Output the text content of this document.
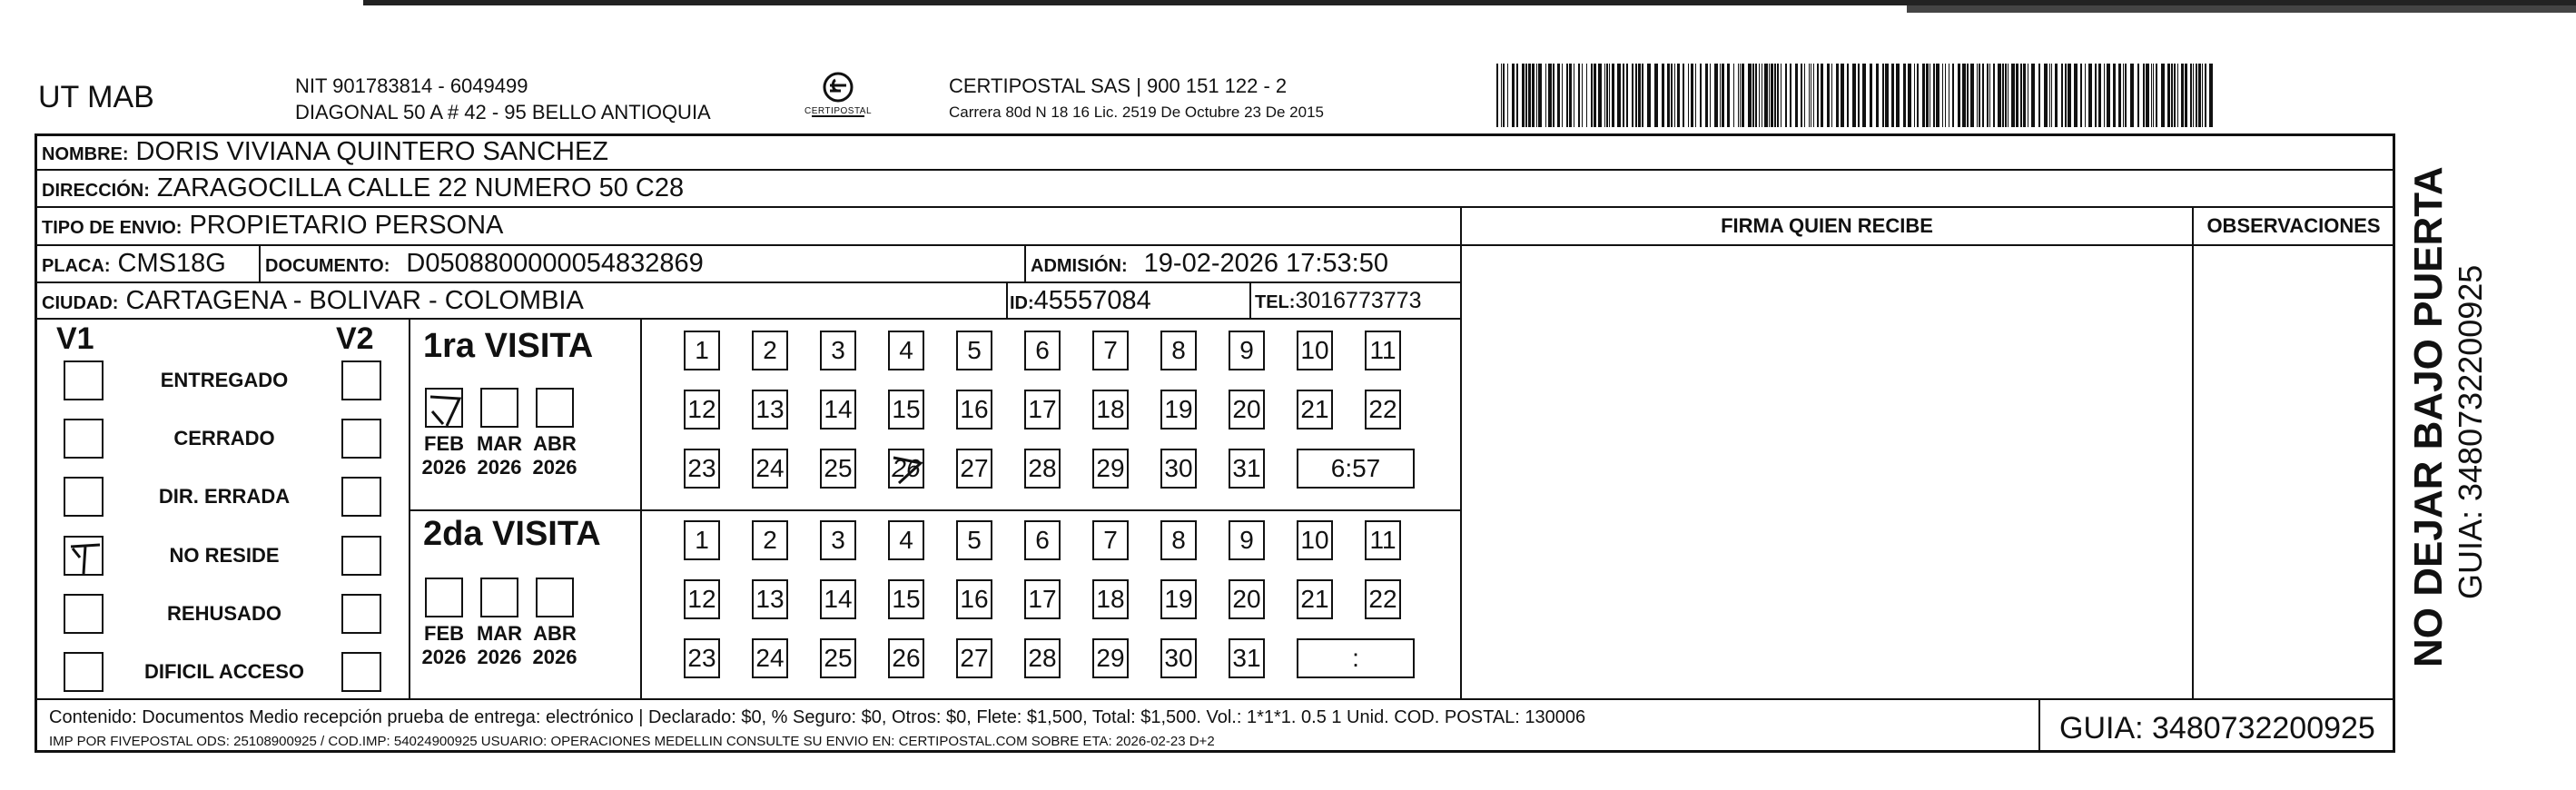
UT MAB	NIT 901783814 - 6049499
DIAGONAL 50 A # 42 - 95 BELLO ANTIOQUIA	CERTIPOSTAL
CERTIPOSTAL SAS | 900 151 122 - 2
Carrera 80d N 18 16 Lic. 2519 De Octubre 23 De 2015
NOMBRE: DORIS VIVIANA QUINTERO SANCHEZ
DIRECCIÓN: ZARAGOCILLA CALLE 22 NUMERO 50 C28
TIPO DE ENVIO: PROPIETARIO PERSONA
PLACA: CMS18G DOCUMENTO: D0508800000054832869	ADMISIÓN: 19-02-2026 17:53:50
CIUDAD: CARTAGENA - BOLIVAR - COLOMBIA	ID: 45557084	TEL: 3016773773
FIRMA QUIEN RECIBE	OBSERVACIONES
V1	V2
ENTREGADO
CERRADO
DIR. ERRADA
NO RESIDE
REHUSADO
DIFICIL ACCESO
1ra VISITA
2da VISITA
FEB
2026
MAR
2026
ABR
2026
1	2	3	4	5	6	7	8	9	10 11
12 13 14 15 16 17 18 19 20 21 22
23 24 25 26 27 28 29 30 31	6:57
FEB
2026
MAR
2026
ABR
2026
1	2	3	4	5	6	7	8	9	10 11
12 13 14 15 16 17 18 19 20 21 22
23 24 25 26 27 28 29 30 31	:
Contenido: Documentos Medio recepción prueba de entrega: electrónico | Declarado: $0, % Seguro: $0, Otros: $0, Flete: $1,500, Total: $1,500. Vol.: 1*1*1. 0.5 1 Unid. COD. POSTAL: 130006
IMP POR FIVEPOSTAL ODS: 25108900925 / COD.IMP: 54024900925 USUARIO: OPERACIONES MEDELLIN CONSULTE SU ENVIO EN: CERTIPOSTAL.COM SOBRE ETA: 2026-02-23 D+2	GUIA: 3480732200925
NO DEJAR BAJO PUERTA GUIA: 3480732200925
